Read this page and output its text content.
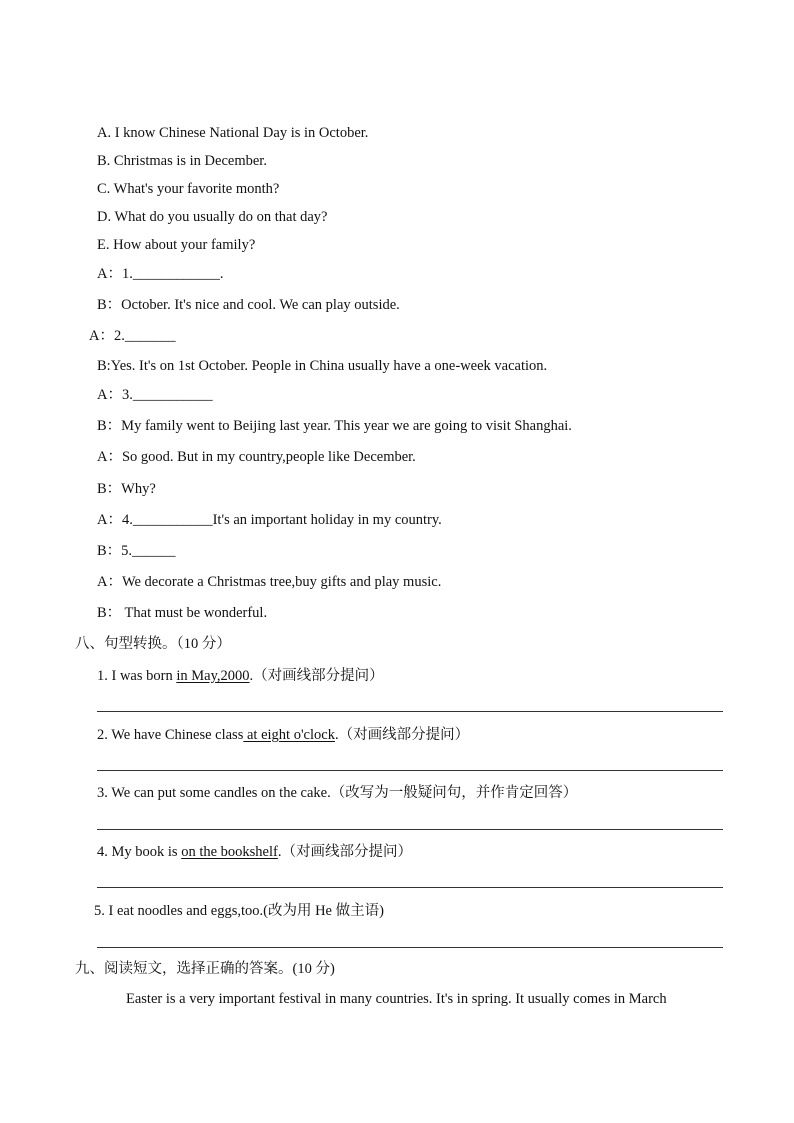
A. I know Chinese National Day is in October.
B. Christmas is in December.
C. What's your favorite month?
D. What do you usually do on that day?
E. How about your family?
A：1.____________.
B：October. It's nice and cool. We can play outside.
A：2._______
B:Yes. It's on 1st October. People in China usually have a one-week vacation.
A：3.___________
B：My family went to Beijing last year. This year we are going to visit Shanghai.
A：So good. But in my country,people like December.
B：Why?
A：4.___________It's an important holiday in my country.
B：5.______
A：We decorate a Christmas tree,buy gifts and play music.
B： That must be wonderful.
八、句型转换。（10 分）
1. I was born in May,2000.（对画线部分提问）
2. We have Chinese class at eight o'clock.（对画线部分提问）
3. We can put some candles on the cake.（改写为一般疑问句，并作肯定回答）
4. My book is on the bookshelf.（对画线部分提问）
5. I eat noodles and eggs,too.(改为用 He 做主语)
九、阅读短文，选择正确的答案。(10 分)
Easter is a very important festival in many countries. It's in spring. It usually comes in March
